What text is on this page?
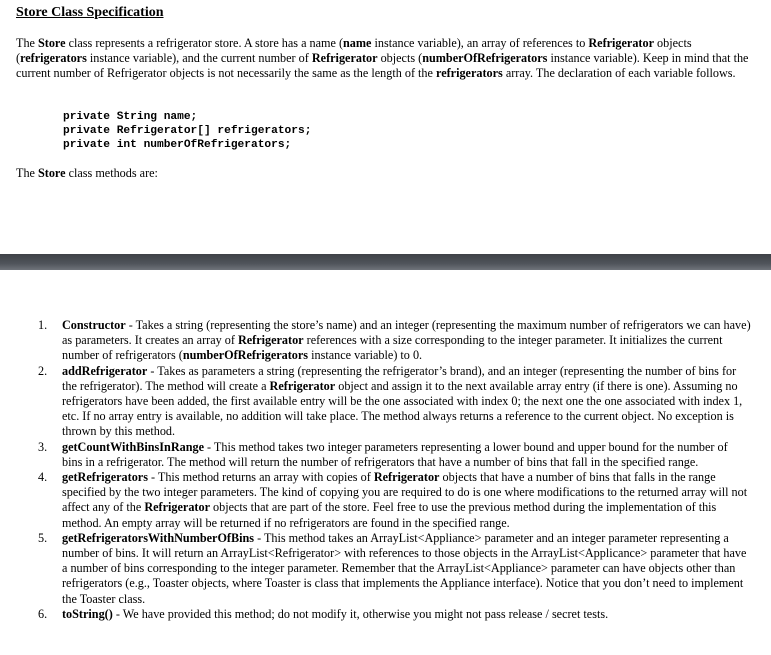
Store Class Specification
The Store class represents a refrigerator store. A store has a name (name instance variable), an array of references to Refrigerator objects (refrigerators instance variable), and the current number of Refrigerator objects (numberOfRefrigerators instance variable). Keep in mind that the current number of Refrigerator objects is not necessarily the same as the length of the refrigerators array. The declaration of each variable follows.
private String name;
private Refrigerator[] refrigerators;
private int numberOfRefrigerators;
The Store class methods are:
1. Constructor - Takes a string (representing the store’s name) and an integer (representing the maximum number of refrigerators we can have) as parameters. It creates an array of Refrigerator references with a size corresponding to the integer parameter. It initializes the current number of refrigerators (numberOfRefrigerators instance variable) to 0.
2. addRefrigerator - Takes as parameters a string (representing the refrigerator’s brand), and an integer (representing the number of bins for the refrigerator). The method will create a Refrigerator object and assign it to the next available array entry (if there is one). Assuming no refrigerators have been added, the first available entry will be the one associated with index 0; the next one the one associated with index 1, etc. If no array entry is available, no addition will take place. The method always returns a reference to the current object. No exception is thrown by this method.
3. getCountWithBinsInRange - This method takes two integer parameters representing a lower bound and upper bound for the number of bins in a refrigerator. The method will return the number of refrigerators that have a number of bins that fall in the specified range.
4. getRefrigerators - This method returns an array with copies of Refrigerator objects that have a number of bins that falls in the range specified by the two integer parameters. The kind of copying you are required to do is one where modifications to the returned array will not affect any of the Refrigerator objects that are part of the store. Feel free to use the previous method during the implementation of this method. An empty array will be returned if no refrigerators are found in the specified range.
5. getRefrigeratorsWithNumberOfBins - This method takes an ArrayList<Appliance> parameter and an integer parameter representing a number of bins. It will return an ArrayList<Refrigerator> with references to those objects in the ArrayList<Applicance> parameter that have a number of bins corresponding to the integer parameter. Remember that the ArrayList<Appliance> parameter can have objects other than refrigerators (e.g., Toaster objects, where Toaster is class that implements the Appliance interface). Notice that you don’t need to implement the Toaster class.
6. toString() - We have provided this method; do not modify it, otherwise you might not pass release / secret tests.
